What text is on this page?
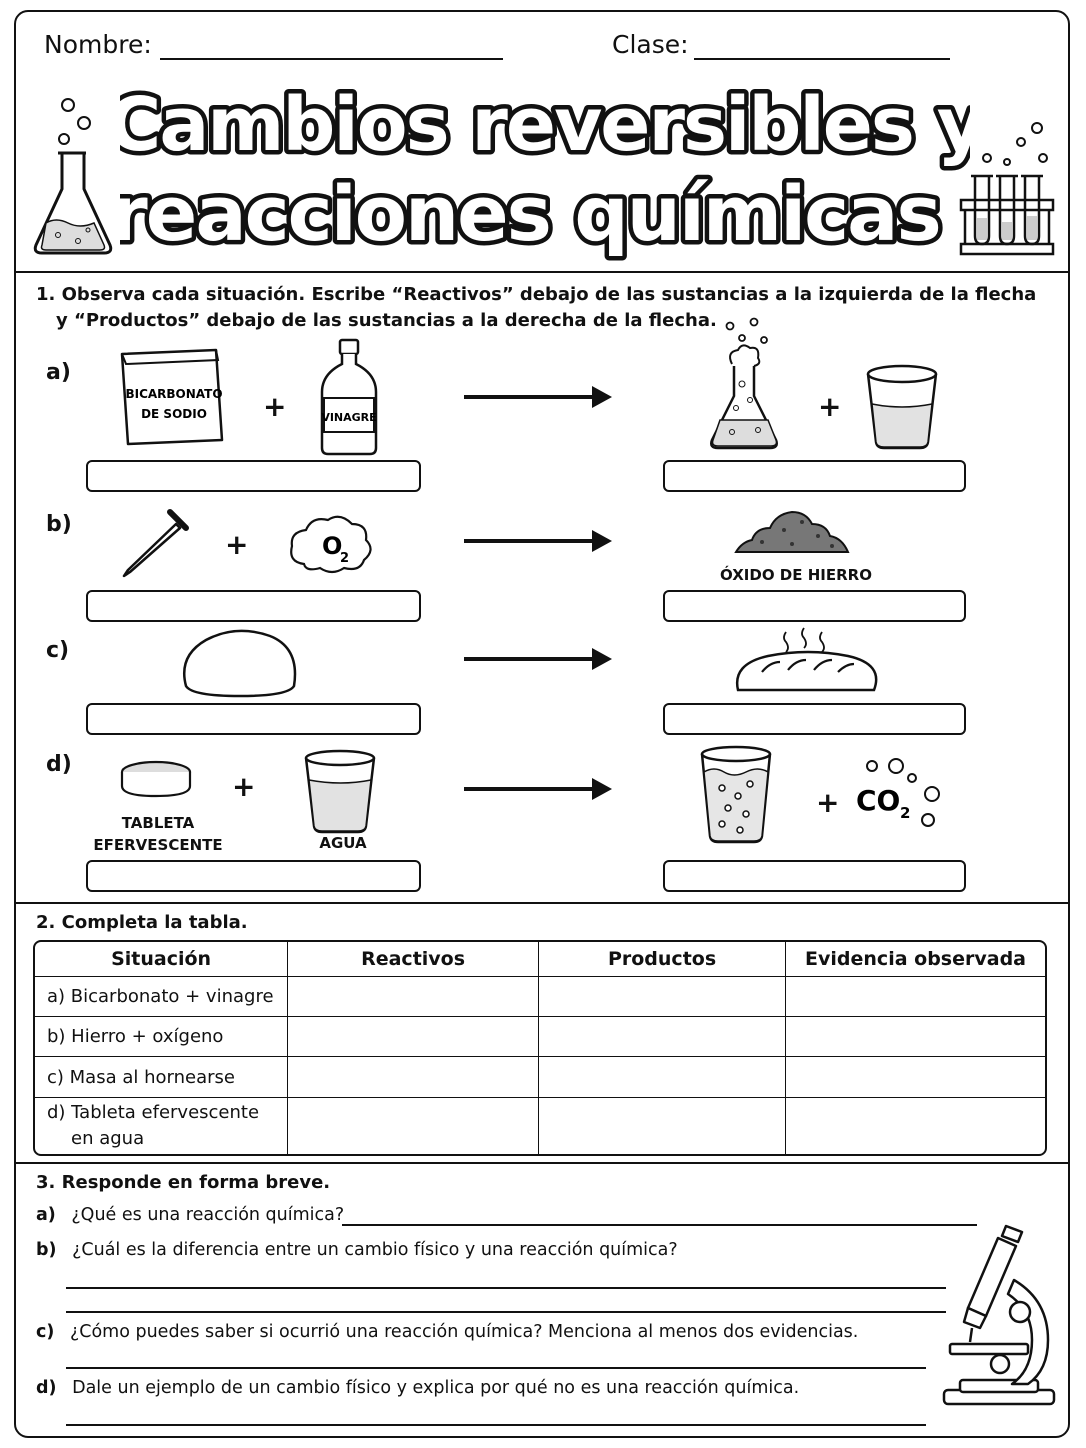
Nombre:	Clase:
Cambios reversibles y
reacciones químicas
1. Observa cada situación. Escribe “Reactivos” debajo de las sustancias a la izquierda de la flecha
y “Productos” debajo de las sustancias a la derecha de la flecha.
a)
BICARBONATO
DE SODIO +	VINAGRE	+
b)
+	O
2
ÓXIDO DE HIERRO
c)
d)
TABLETA
EFERVESCENTE
+
AGUA
+ CO 2
2. Completa la tabla.
Situación	Reactivos	Productos	Evidencia observada
a) Bicarbonato + vinagre			
b) Hierro + oxígeno			
c) Masa al hornearse			

d) Tableta efervescente
en agua			

3. Responde en forma breve.
a) ¿Qué es una reacción química?
b) ¿Cuál es la diferencia entre un cambio físico y una reacción química?
c) ¿Cómo puedes saber si ocurrió una reacción química? Menciona al menos dos evidencias.
d) Dale un ejemplo de un cambio físico y explica por qué no es una reacción química.
